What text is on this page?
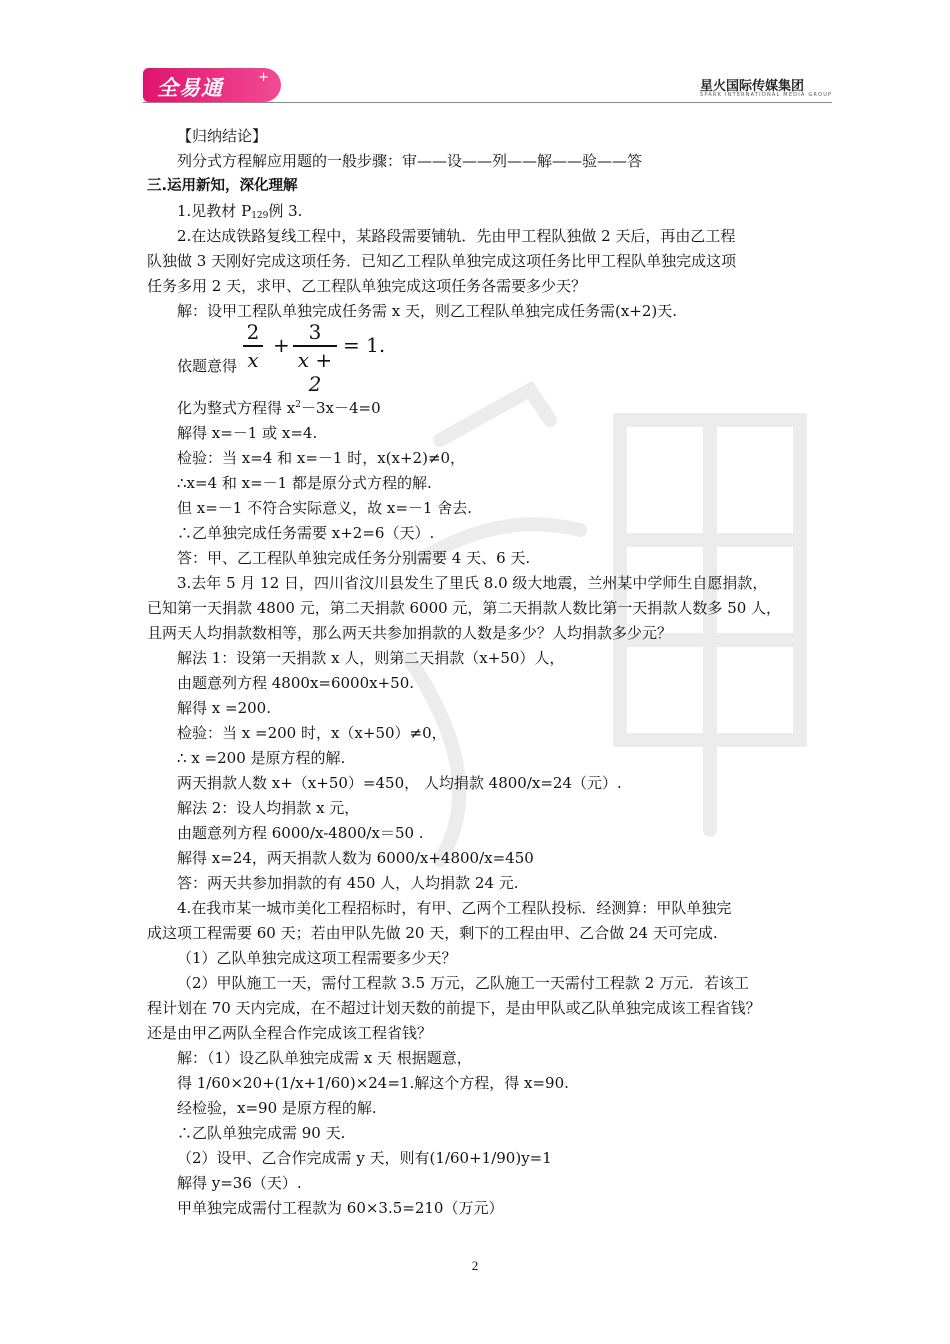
全易通	+
星火国际传媒集团
SPARK INTERNATIONAL MEDIA GROUP
【归纳结论】
列分式方程解应用题的一般步骤：审——设——列——解——验——答
三.运用新知，深化理解
1.见教材 $P_{129}$例 3.
2.在达成铁路复线工程中，某路段需要铺轨．先由甲工程队独做 2 天后，再由乙工程
队独做 3 天刚好完成这项任务．已知乙工程队单独完成这项任务比甲工程队单独完成这项
任务多用 2 天，求甲、乙工程队单独完成这项任务各需要多少天？
解：设甲工程队单独完成任务需 x 天，则乙工程队单独完成任务需(x+2)天.
依题意得
2
x
+
3
x + 2
= 1.
化为整式方程得 $x^2-3x-4=0$
解得 x=－1 或 x=4.
检验：当 x=4 和 x=－1 时，x(x+2)≠0，
∴x=4 和 x=－1 都是原分式方程的解.
但 x=－1 不符合实际意义，故 x=－1 舍去.
∴乙单独完成任务需要 x+2=6（天）.
答：甲、乙工程队单独完成任务分别需要 4 天、6 天.
3.去年 5 月 12 日，四川省汶川县发生了里氏 8.0 级大地震，兰州某中学师生自愿捐款，
已知第一天捐款 4800 元，第二天捐款 6000 元，第二天捐款人数比第一天捐款人数多 50 人，
且两天人均捐款数相等，那么两天共参加捐款的人数是多少？人均捐款多少元？
解法 1：设第一天捐款 x 人，则第二天捐款（x+50）人，
由题意列方程 4800x=6000x+50.
解得 x =200.
检验：当 x =200 时，x（x+50）≠0，
∴ x =200 是原方程的解.
两天捐款人数 x+（x+50）=450， 人均捐款 4800/x=24（元）.
解法 2：设人均捐款 x 元，
由题意列方程 6000/x-4800/x＝50 .
解得 x=24，两天捐款人数为 6000/x+4800/x=450
答：两天共参加捐款的有 450 人，人均捐款 24 元.
4.在我市某一城市美化工程招标时，有甲、乙两个工程队投标．经测算：甲队单独完
成这项工程需要 60 天；若由甲队先做 20 天，剩下的工程由甲、乙合做 24 天可完成.
（1）乙队单独完成这项工程需要多少天？
（2）甲队施工一天，需付工程款 3.5 万元，乙队施工一天需付工程款 2 万元．若该工
程计划在 70 天内完成，在不超过计划天数的前提下，是由甲队或乙队单独完成该工程省钱？
还是由甲乙两队全程合作完成该工程省钱？
解：（1）设乙队单独完成需 x 天 根据题意，
得 1/60×20+(1/x+1/60)×24=1.解这个方程，得 x=90.
经检验，x=90 是原方程的解.
∴乙队单独完成需 90 天.
（2）设甲、乙合作完成需 y 天，则有(1/60+1/90)y=1
解得 y=36（天）.
甲单独完成需付工程款为 60×3.5=210（万元）
2
